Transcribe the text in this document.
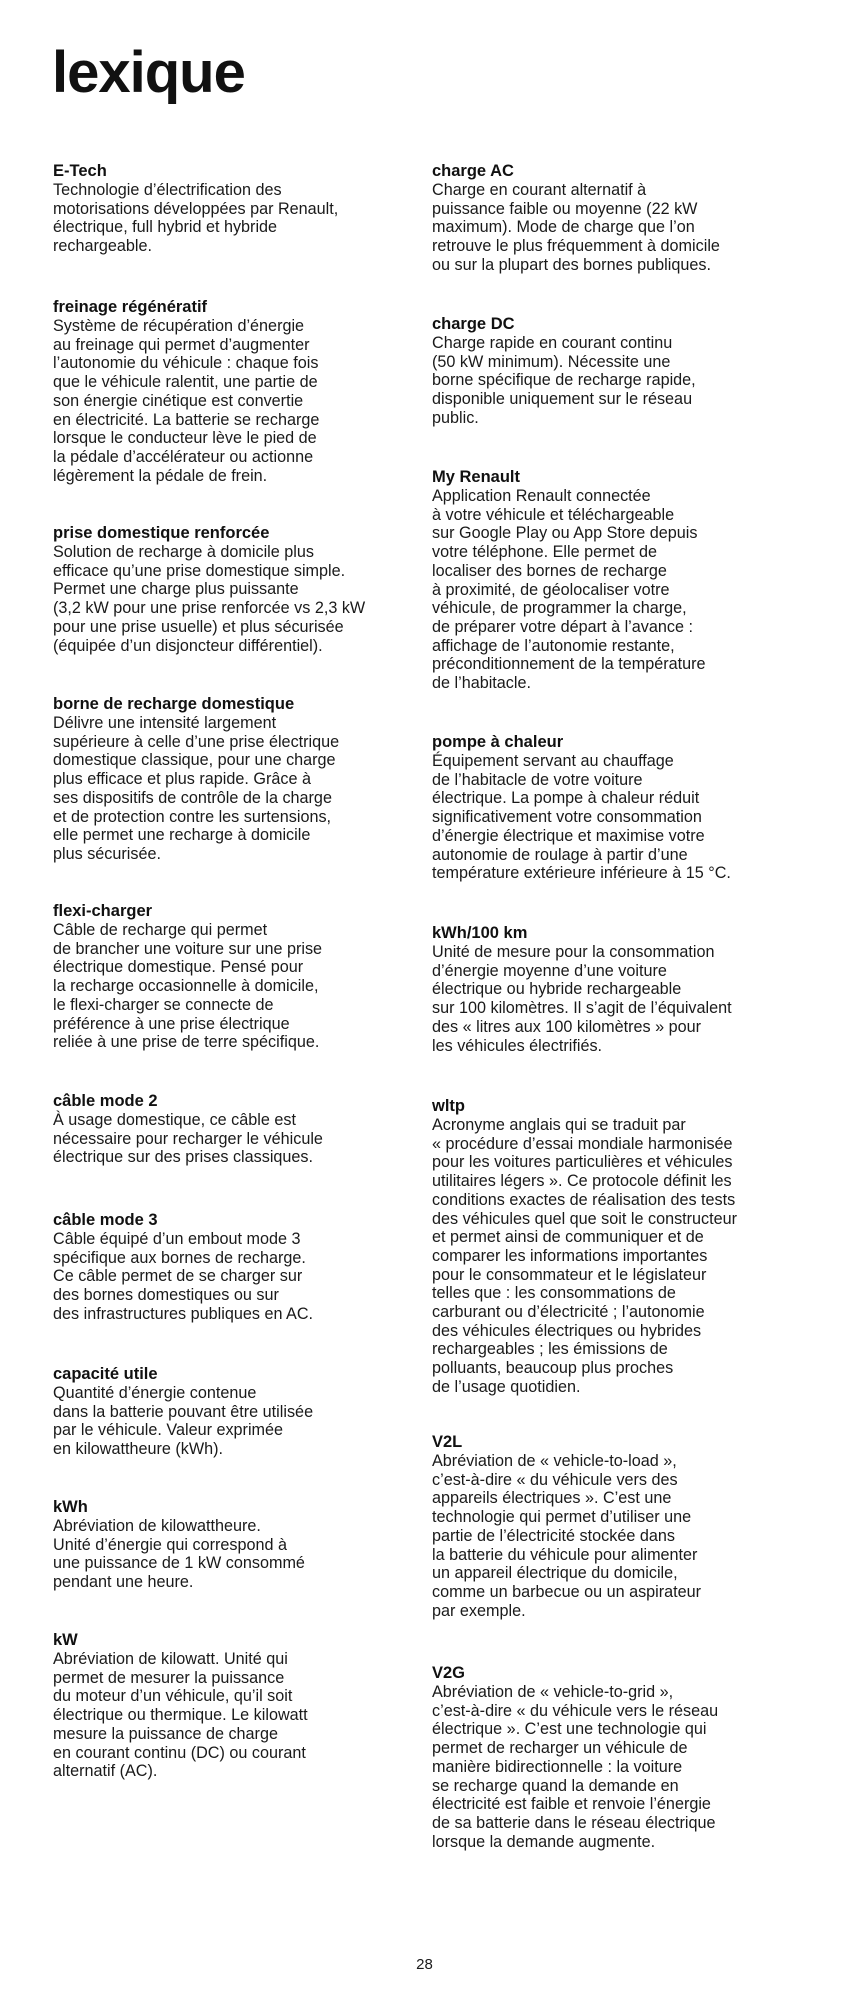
lexique
E-Tech
Technologie d’électrification des
motorisations développées par Renault,
électrique, full hybrid et hybride
rechargeable.
freinage régénératif
Système de récupération d’énergie
au freinage qui permet d’augmenter
l’autonomie du véhicule : chaque fois
que le véhicule ralentit, une partie de
son énergie cinétique est convertie
en électricité. La batterie se recharge
lorsque le conducteur lève le pied de
la pédale d’accélérateur ou actionne
légèrement la pédale de frein.
prise domestique renforcée
Solution de recharge à domicile plus
efficace qu’une prise domestique simple.
Permet une charge plus puissante
(3,2 kW pour une prise renforcée vs 2,3 kW
pour une prise usuelle) et plus sécurisée
(équipée d’un disjoncteur différentiel).
borne de recharge domestique
Délivre une intensité largement
supérieure à celle d’une prise électrique
domestique classique, pour une charge
plus efficace et plus rapide. Grâce à
ses dispositifs de contrôle de la charge
et de protection contre les surtensions,
elle permet une recharge à domicile
plus sécurisée.
flexi-charger
Câble de recharge qui permet
de brancher une voiture sur une prise
électrique domestique. Pensé pour
la recharge occasionnelle à domicile,
le flexi-charger se connecte de
préférence à une prise électrique
reliée à une prise de terre spécifique.
câble mode 2
À usage domestique, ce câble est
nécessaire pour recharger le véhicule
électrique sur des prises classiques.
câble mode 3
Câble équipé d’un embout mode 3
spécifique aux bornes de recharge.
Ce câble permet de se charger sur
des bornes domestiques ou sur
des infrastructures publiques en AC.
capacité utile
Quantité d’énergie contenue
dans la batterie pouvant être utilisée
par le véhicule. Valeur exprimée
en kilowattheure (kWh).
kWh
Abréviation de kilowattheure.
Unité d’énergie qui correspond à
une puissance de 1 kW consommé
pendant une heure.
kW
Abréviation de kilowatt. Unité qui
permet de mesurer la puissance
du moteur d’un véhicule, qu’il soit
électrique ou thermique. Le kilowatt
mesure la puissance de charge
en courant continu (DC) ou courant
alternatif (AC).
charge AC
Charge en courant alternatif à
puissance faible ou moyenne (22 kW
maximum). Mode de charge que l’on
retrouve le plus fréquemment à domicile
ou sur la plupart des bornes publiques.
charge DC
Charge rapide en courant continu
(50 kW minimum). Nécessite une
borne spécifique de recharge rapide,
disponible uniquement sur le réseau
public.
My Renault
Application Renault connectée
à votre véhicule et téléchargeable
sur Google Play ou App Store depuis
votre téléphone. Elle permet de
localiser des bornes de recharge
à proximité, de géolocaliser votre
véhicule, de programmer la charge,
de préparer votre départ à l’avance :
affichage de l’autonomie restante,
préconditionnement de la température
de l’habitacle.
pompe à chaleur
Équipement servant au chauffage
de l’habitacle de votre voiture
électrique. La pompe à chaleur réduit
significativement votre consommation
d’énergie électrique et maximise votre
autonomie de roulage à partir d’une
température extérieure inférieure à 15 °C.
kWh/100 km
Unité de mesure pour la consommation
d’énergie moyenne d’une voiture
électrique ou hybride rechargeable
sur 100 kilomètres. Il s’agit de l’équivalent
des « litres aux 100 kilomètres » pour
les véhicules électrifiés.
wltp
Acronyme anglais qui se traduit par
« procédure d’essai mondiale harmonisée
pour les voitures particulières et véhicules
utilitaires légers ». Ce protocole définit les
conditions exactes de réalisation des tests
des véhicules quel que soit le constructeur
et permet ainsi de communiquer et de
comparer les informations importantes
pour le consommateur et le législateur
telles que : les consommations de
carburant ou d’électricité ; l’autonomie
des véhicules électriques ou hybrides
rechargeables ; les émissions de
polluants, beaucoup plus proches
de l’usage quotidien.
V2L
Abréviation de « vehicle-to-load »,
c’est-à-dire « du véhicule vers des
appareils électriques ». C’est une
technologie qui permet d’utiliser une
partie de l’électricité stockée dans
la batterie du véhicule pour alimenter
un appareil électrique du domicile,
comme un barbecue ou un aspirateur
par exemple.
V2G
Abréviation de « vehicle-to-grid »,
c’est-à-dire « du véhicule vers le réseau
électrique ». C’est une technologie qui
permet de recharger un véhicule de
manière bidirectionnelle : la voiture
se recharge quand la demande en
électricité est faible et renvoie l’énergie
de sa batterie dans le réseau électrique
lorsque la demande augmente.
28
